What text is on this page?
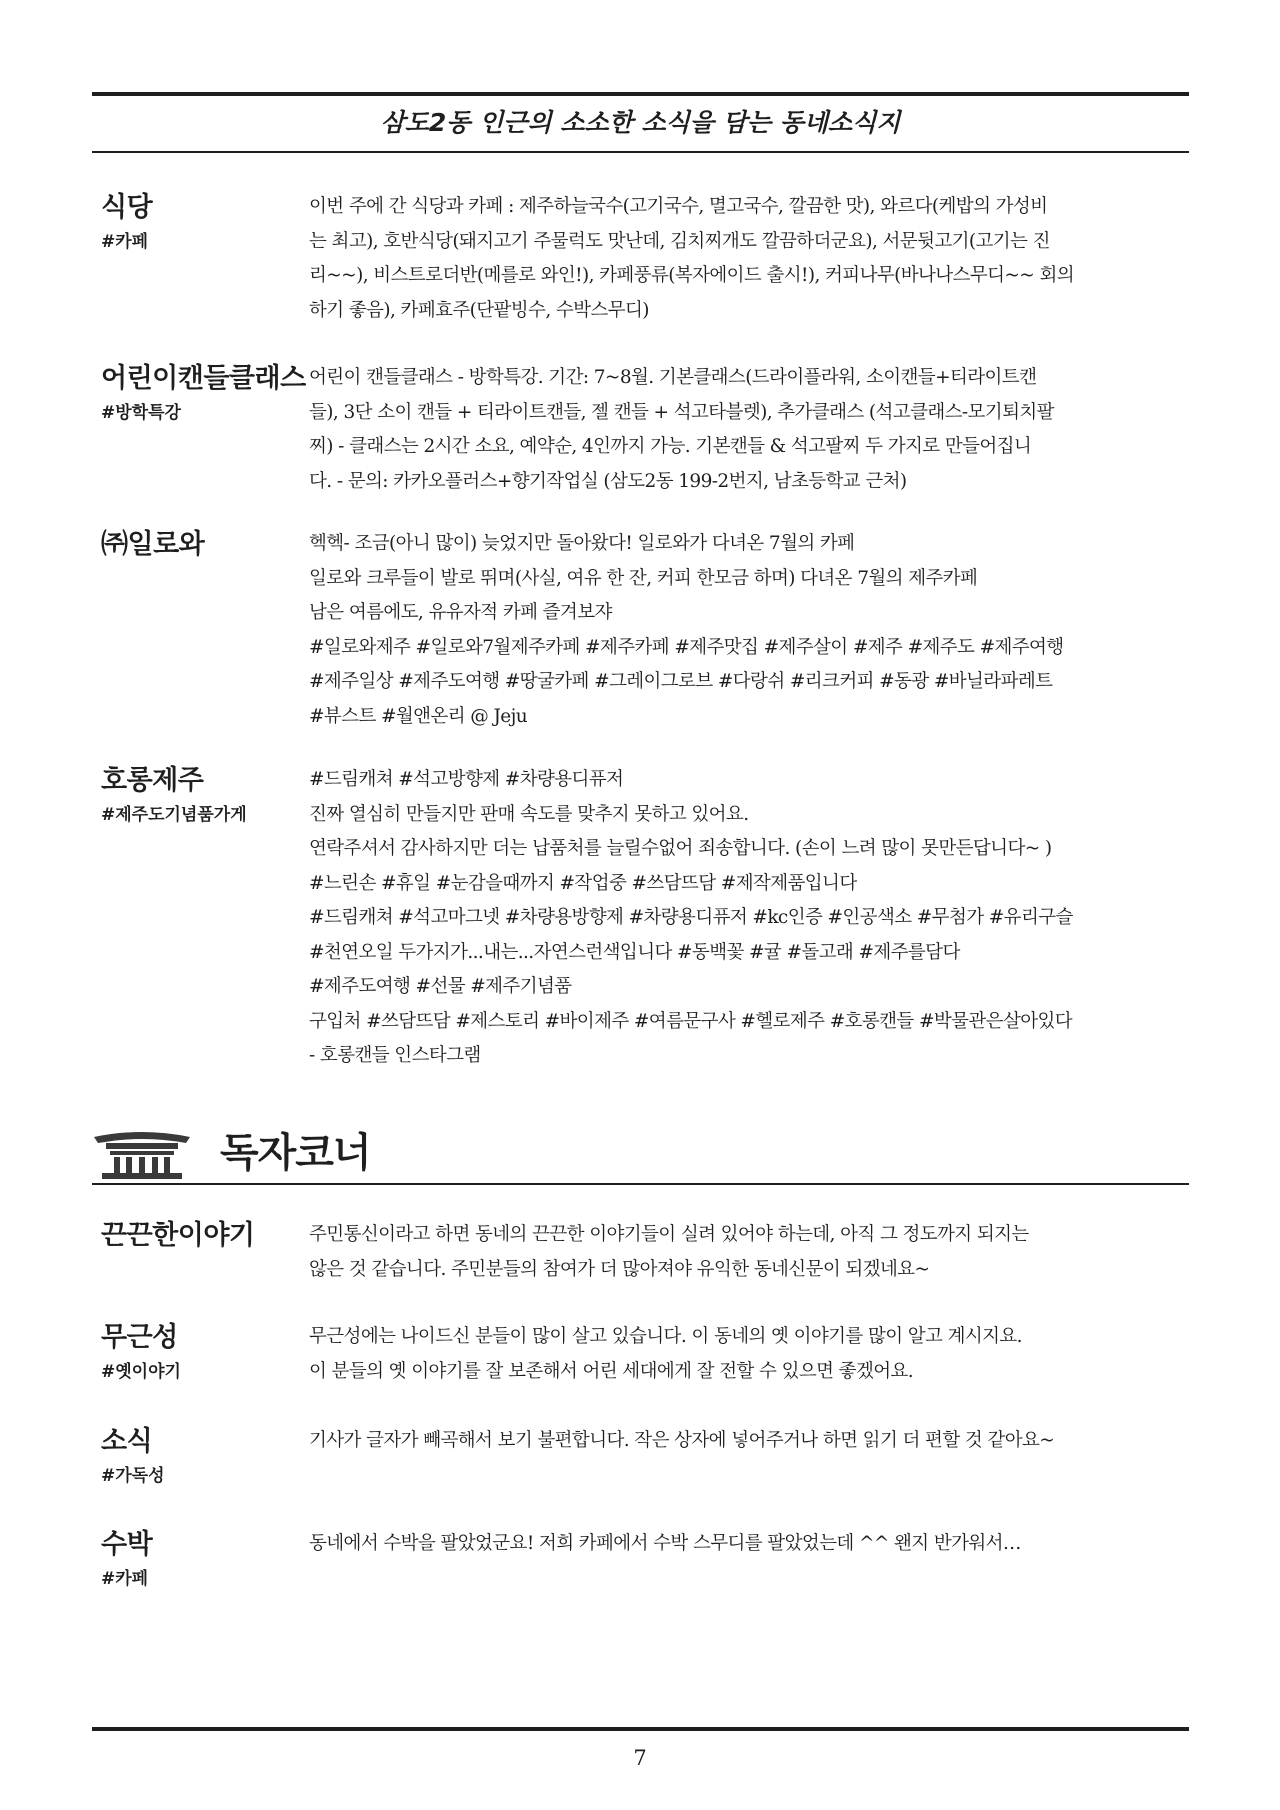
삼도2동 인근의 소소한 소식을 담는 동네소식지
식당
#카페
이번 주에 간 식당과 카페 : 제주하늘국수(고기국수, 멸고국수, 깔끔한 맛), 와르다(케밥의 가성비
는 최고), 호반식당(돼지고기 주물럭도 맛난데, 김치찌개도 깔끔하더군요), 서문뒷고기(고기는 진
리~~), 비스트로더반(메를로 와인!), 카페풍류(복자에이드 출시!), 커피나무(바나나스무디~~ 회의
하기 좋음), 카페효주(단팥빙수, 수박스무디)
어린이캔들클래스
#방학특강
어린이 캔들클래스 - 방학특강. 기간: 7~8월. 기본클래스(드라이플라워, 소이캔들+티라이트캔
들), 3단 소이 캔들 + 티라이트캔들, 젤 캔들 + 석고타블렛), 추가클래스 (석고클래스-모기퇴치팔
찌) - 클래스는 2시간 소요, 예약순, 4인까지 가능. 기본캔들 & 석고팔찌 두 가지로 만들어집니
다. - 문의: 카카오플러스+향기작업실 (삼도2동 199-2번지, 남초등학교 근처)
㈜일로와	헥헥- 조금(아니 많이) 늦었지만 돌아왔다! 일로와가 다녀온 7월의 카페
일로와 크루들이 발로 뛰며(사실, 여유 한 잔, 커피 한모금 하며) 다녀온 7월의 제주카페
남은 여름에도, 유유자적 카페 즐겨보쟈
#일로와제주 #일로와7월제주카페 #제주카페 #제주맛집 #제주살이 #제주 #제주도 #제주여행
#제주일상 #제주도여행 #땅굴카페 #그레이그로브 #다랑쉬 #리크커피 #동광 #바닐라파레트
#뷰스트 #월앤온리 @ Jeju
호롱제주
#제주도기념품가게
#드림캐쳐 #석고방향제 #차량용디퓨저
진짜 열심히 만들지만 판매 속도를 맞추지 못하고 있어요.
연락주셔서 감사하지만 더는 납품처를 늘릴수없어 죄송합니다. (손이 느려 많이 못만든답니다~ )
#느린손 #휴일 #눈감을때까지 #작업중 #쓰담뜨담 #제작제품입니다
#드림캐쳐 #석고마그넷 #차량용방향제 #차량용디퓨저 #kc인증 #인공색소 #무첨가 #유리구슬
#천연오일 두가지가...내는...자연스런색입니다 #동백꽃 #귤 #돌고래 #제주를담다
#제주도여행 #선물 #제주기념품
구입처 #쓰담뜨담 #제스토리 #바이제주 #여름문구사 #헬로제주 #호롱캔들 #박물관은살아있다
- 호롱캔들 인스타그램
독자코너
끈끈한이야기	주민통신이라고 하면 동네의 끈끈한 이야기들이 실려 있어야 하는데, 아직 그 정도까지 되지는
않은 것 같습니다. 주민분들의 참여가 더 많아져야 유익한 동네신문이 되겠네요~
무근성
#옛이야기
무근성에는 나이드신 분들이 많이 살고 있습니다. 이 동네의 옛 이야기를 많이 알고 계시지요.
이 분들의 옛 이야기를 잘 보존해서 어린 세대에게 잘 전할 수 있으면 좋겠어요.
소식
#가독성
기사가 글자가 빼곡해서 보기 불편합니다. 작은 상자에 넣어주거나 하면 읽기 더 편할 것 같아요~
수박
#카페
동네에서 수박을 팔았었군요! 저희 카페에서 수박 스무디를 팔았었는데 ^^ 왠지 반가워서…
7
